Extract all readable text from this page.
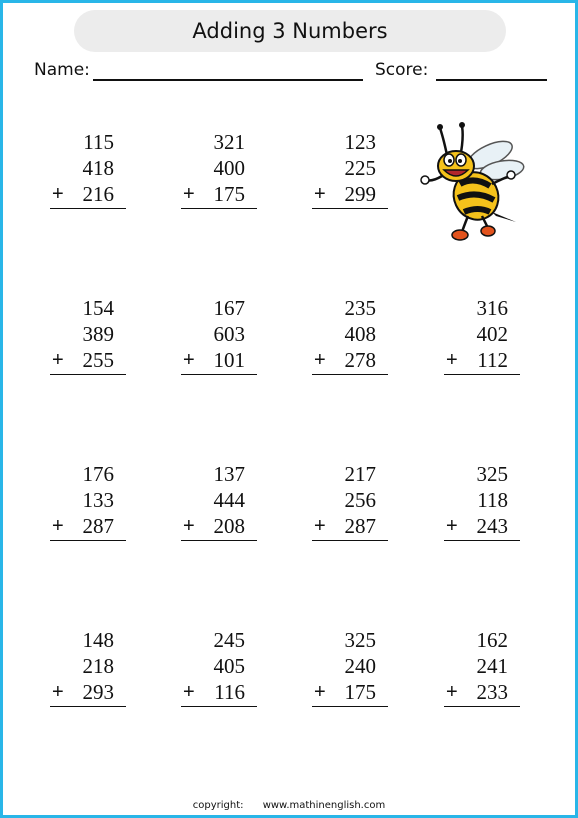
Adding 3 Numbers
Name:	Score:
115
418
+ 216
321
400
+ 175
123
225
+ 299
154
389
+ 255
167
603
+ 101
235
408
+ 278
316
402
+ 112
176
133
+ 287
137
444
+ 208
217
256
+ 287
325
118
+ 243
148
218
+ 293
245
405
+ 116
325
240
+ 175
162
241
+ 233
copyright: www.mathinenglish.com
